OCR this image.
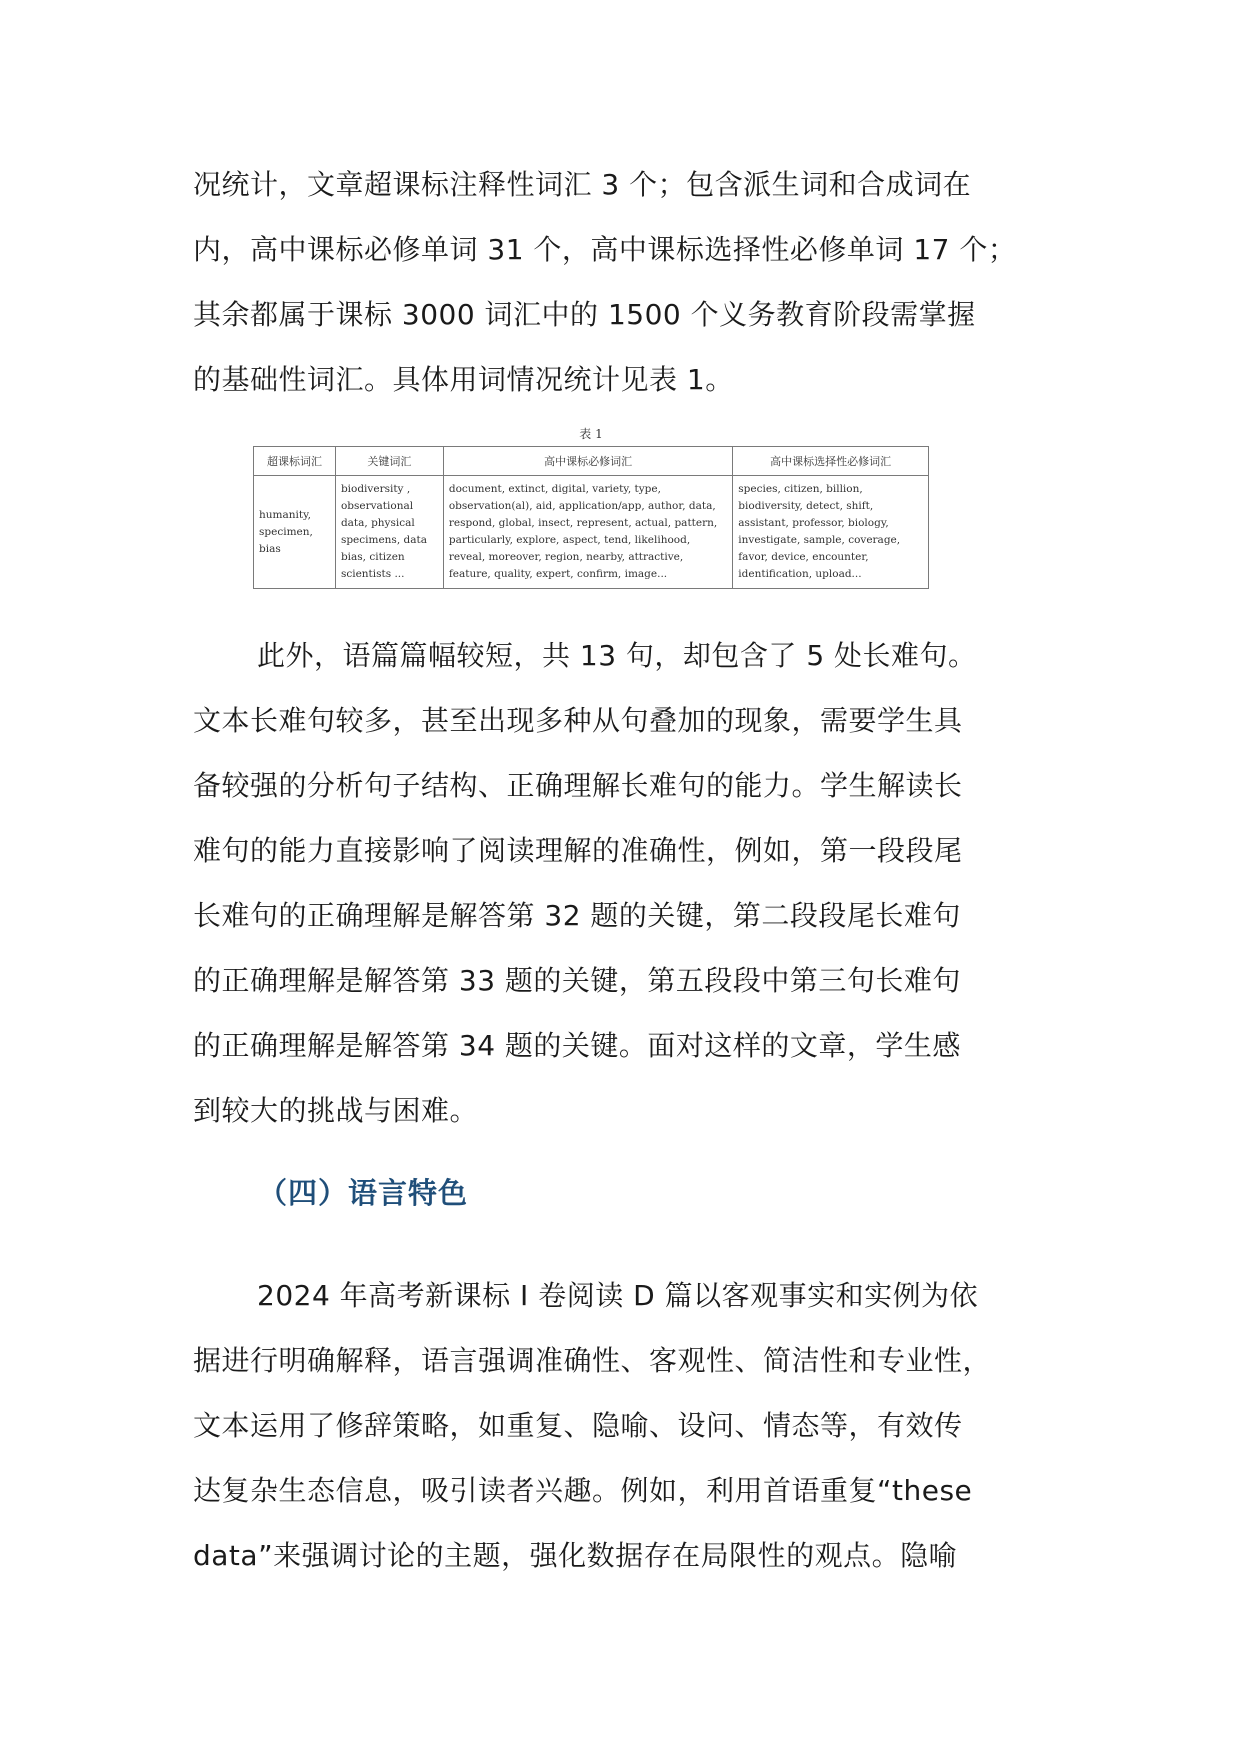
况统计，文章超课标注释性词汇 3 个；包含派生词和合成词在
内，高中课标必修单词 31 个，高中课标选择性必修单词 17 个；
其余都属于课标 3000 词汇中的 1500 个义务教育阶段需掌握
的基础性词汇。具体用词情况统计见表 1。
表 1
超课标词汇	关键词汇	高中课标必修词汇	高中课标选择性必修词汇
humanity, specimen, bias	biodiversity , observational data, physical specimens, data bias, citizen scientists ...	document, extinct, digital, variety, type, observation(al), aid, application/app, author, data, respond, global, insect, represent, actual, pattern, particularly, explore, aspect, tend, likelihood, reveal, moreover, region, nearby, attractive, feature, quality, expert, confirm, image...	species, citizen, billion, biodiversity, detect, shift, assistant, professor, biology, investigate, sample, coverage, favor, device, encounter, identification, upload...
此外，语篇篇幅较短，共 13 句，却包含了 5 处长难句。
文本长难句较多，甚至出现多种从句叠加的现象，需要学生具
备较强的分析句子结构、正确理解长难句的能力。学生解读长
难句的能力直接影响了阅读理解的准确性，例如，第一段段尾
长难句的正确理解是解答第 32 题的关键，第二段段尾长难句
的正确理解是解答第 33 题的关键，第五段段中第三句长难句
的正确理解是解答第 34 题的关键。面对这样的文章，学生感
到较大的挑战与困难。
（四）语言特色
2024 年高考新课标 I 卷阅读 D 篇以客观事实和实例为依
据进行明确解释，语言强调准确性、客观性、简洁性和专业性，
文本运用了修辞策略，如重复、隐喻、设问、情态等，有效传
达复杂生态信息，吸引读者兴趣。例如，利用首语重复“these
data”来强调讨论的主题，强化数据存在局限性的观点。隐喻
